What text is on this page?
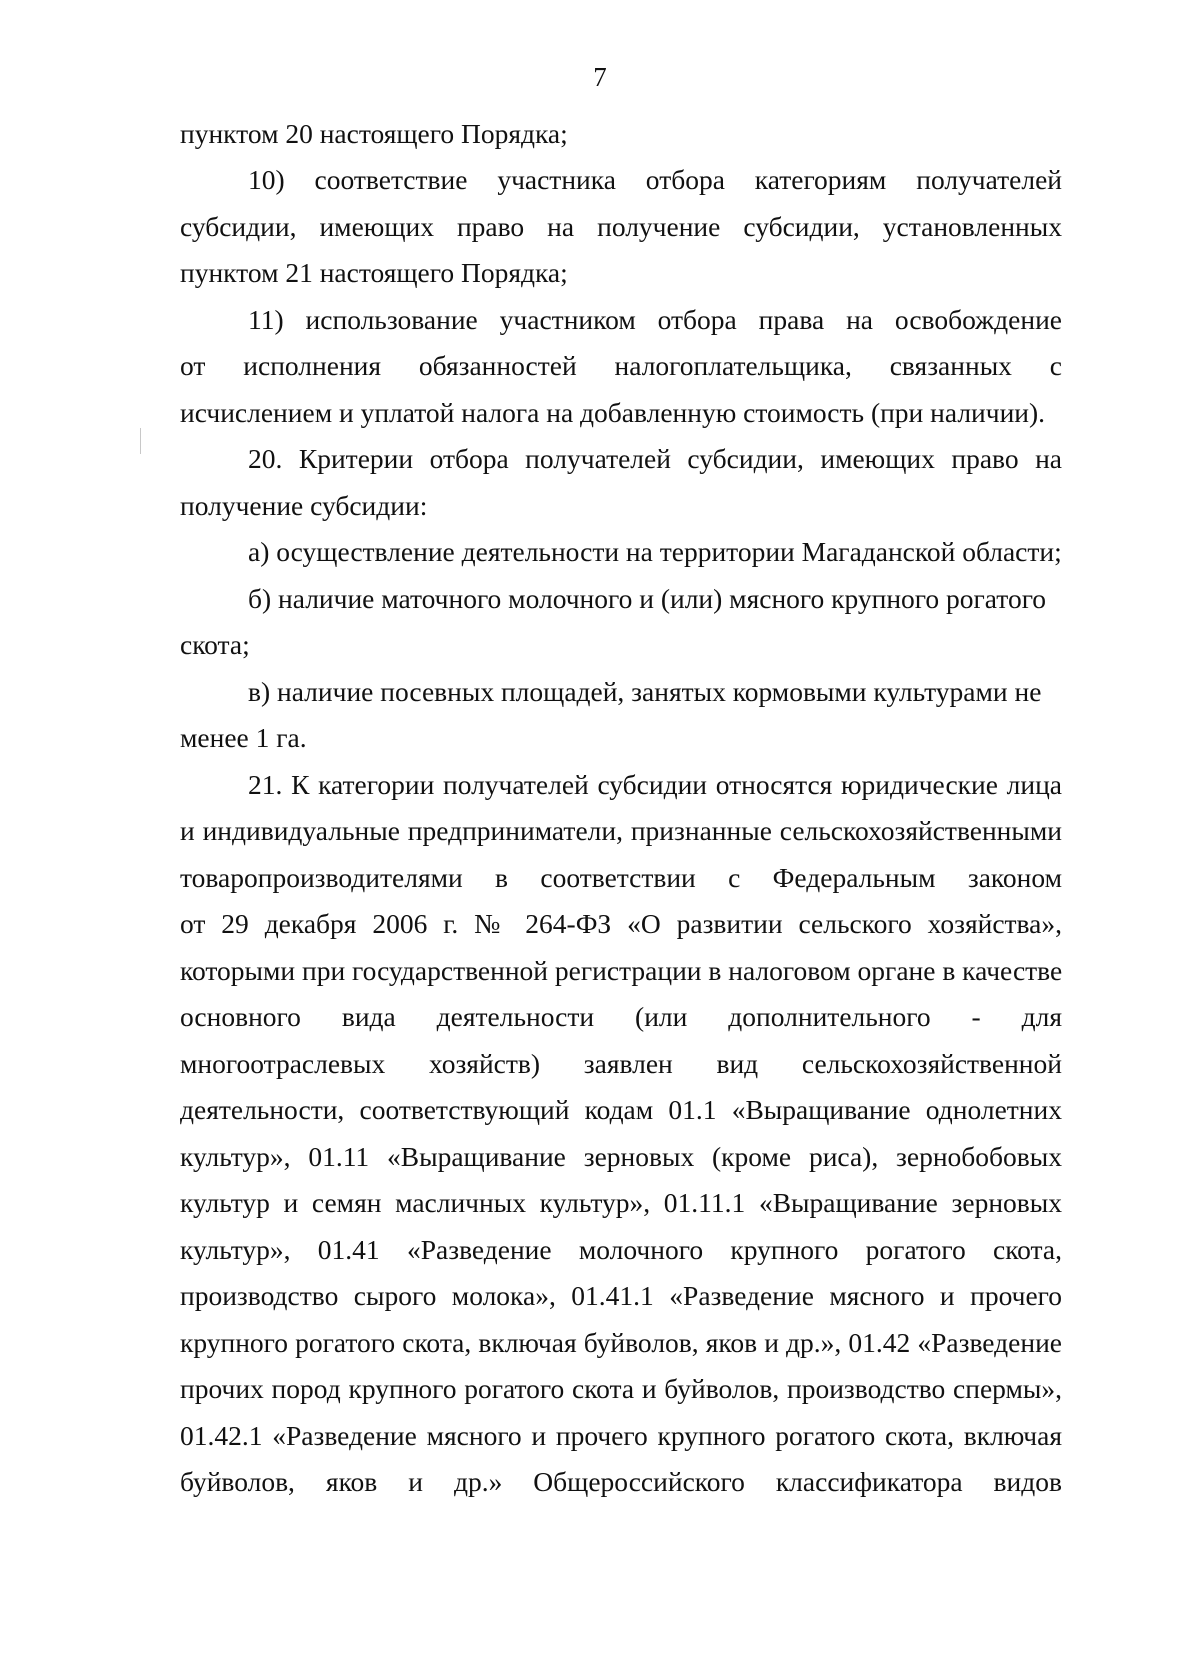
7
пунктом 20 настоящего Порядка;
10) соответствие участника отбора категориям получателей
субсидии, имеющих право на получение субсидии, установленных
пунктом 21 настоящего Порядка;
11) использование участником отбора права на освобождение
от исполнения обязанностей налогоплательщика, связанных с
исчислением и уплатой налога на добавленную стоимость (при наличии).
20. Критерии отбора получателей субсидии, имеющих право на
получение субсидии:
а) осуществление деятельности на территории Магаданской области;
б) наличие маточного молочного и (или) мясного крупного рогатого
скота;
в) наличие посевных площадей, занятых кормовыми культурами не
менее 1 га.
21. К категории получателей субсидии относятся юридические лица
и индивидуальные предприниматели, признанные сельскохозяйственными
товаропроизводителями в соответствии с Федеральным законом
от 29 декабря 2006 г. № 264-ФЗ «О развитии сельского хозяйства»,
которыми при государственной регистрации в налоговом органе в качестве
основного вида деятельности (или дополнительного - для
многоотраслевых хозяйств) заявлен вид сельскохозяйственной
деятельности, соответствующий кодам 01.1 «Выращивание однолетних
культур», 01.11 «Выращивание зерновых (кроме риса), зернобобовых
культур и семян масличных культур», 01.11.1 «Выращивание зерновых
культур», 01.41 «Разведение молочного крупного рогатого скота,
производство сырого молока», 01.41.1 «Разведение мясного и прочего
крупного рогатого скота, включая буйволов, яков и др.», 01.42 «Разведение
прочих пород крупного рогатого скота и буйволов, производство спермы»,
01.42.1 «Разведение мясного и прочего крупного рогатого скота, включая
буйволов, яков и др.» Общероссийского классификатора видов
